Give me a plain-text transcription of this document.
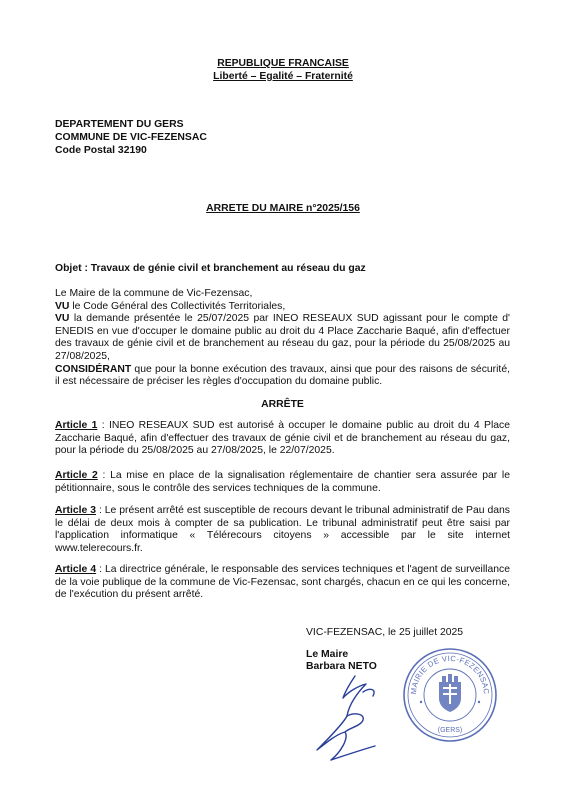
REPUBLIQUE FRANCAISE
Liberté – Egalité – Fraternité
DEPARTEMENT DU GERS
COMMUNE DE VIC-FEZENSAC
Code Postal 32190
ARRETE DU MAIRE n°2025/156
Objet : Travaux de génie civil et branchement au réseau du gaz
Le Maire de la commune de Vic-Fezensac,
VU le Code Général des Collectivités Territoriales,
VU la demande présentée le 25/07/2025 par INEO RESEAUX SUD agissant pour le compte d' ENEDIS en vue d'occuper le domaine public au droit du 4 Place Zaccharie Baqué, afin d'effectuer des travaux de génie civil et de branchement au réseau du gaz, pour la période du 25/08/2025 au 27/08/2025,
CONSIDÉRANT que pour la bonne exécution des travaux, ainsi que pour des raisons de sécurité, il est nécessaire de préciser les règles d'occupation du domaine public.
ARRÊTE
Article 1 : INEO RESEAUX SUD est autorisé à occuper le domaine public au droit du 4 Place Zaccharie Baqué, afin d'effectuer des travaux de génie civil et de branchement au réseau du gaz, pour la période du 25/08/2025 au 27/08/2025, le 22/07/2025.
Article 2 : La mise en place de la signalisation réglementaire de chantier sera assurée par le pétitionnaire, sous le contrôle des services techniques de la commune.
Article 3 : Le présent arrêté est susceptible de recours devant le tribunal administratif de Pau dans le délai de deux mois à compter de sa publication. Le tribunal administratif peut être saisi par l'application informatique « Télérecours citoyens » accessible par le site internet www.telerecours.fr.
Article 4 : La directrice générale, le responsable des services techniques et l'agent de surveillance de la voie publique de la commune de Vic-Fezensac, sont chargés, chacun en ce qui les concerne, de l'exécution du présent arrêté.
VIC-FEZENSAC, le 25 juillet 2025
Le Maire
Barbara NETO
MAIRIE DE VIC-FEZENSAC
(GERS)
